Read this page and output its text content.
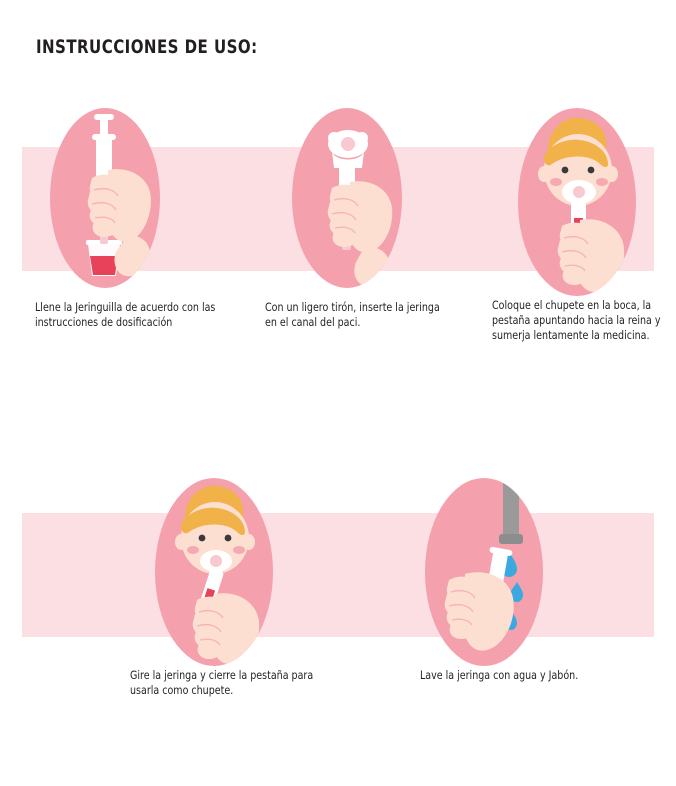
INSTRUCCIONES DE USO:
Llene la Jeringuilla de acuerdo con las instrucciones de dosificación
Con un ligero tirón, inserte la jeringa en el canal del paci.
Coloque el chupete en la boca, la pestaña apuntando hacia la reina y sumerja lentamente la medicina.
Gire la jeringa y cierre la pestaña para usarla como chupete.
Lave la jeringa con agua y Jabón.
